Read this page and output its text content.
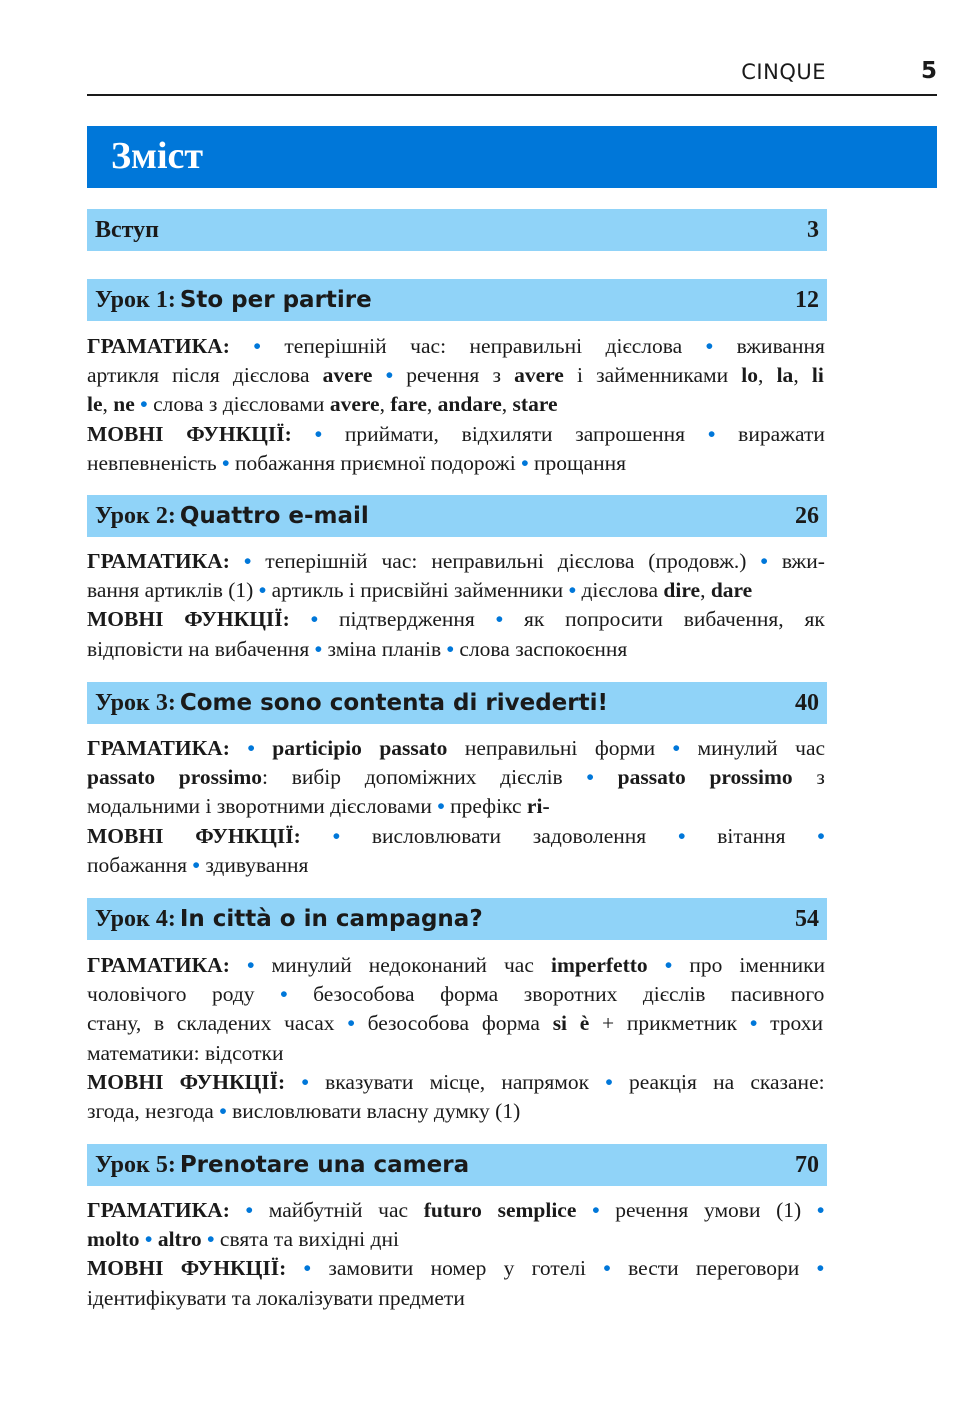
CINQUE	5
Зміст
Вступ	3
Урок 1: Sto per partire	12
ГРАМАТИКА: • теперішній час: неправильні дієслова • вживання
артикля після дієслова avere • речення з avere і займенниками lo, la, li
le, ne • слова з дієсловами avere, fare, andare, stare
МОВНІ ФУНКЦІЇ: • приймати, відхиляти запрошення • виражати
невпевненість • побажання приємної подорожі • прощання
Урок 2: Quattro e-mail	26
ГРАМАТИКА: • теперішній час: неправильні дієслова (продовж.) • вжи-
вання артиклів (1) • артикль і присвійні займенники • дієслова dire, dare
МОВНІ ФУНКЦІЇ: • підтвердження • як попросити вибачення, як
відповісти на вибачення • зміна планів • слова заспокоєння
Урок 3: Come sono contenta di rivederti!	40
ГРАМАТИКА: • participio passato неправильні форми • минулий час
passato prossimo: вибір допоміжних дієслів • passato prossimo з
модальними і зворотними дієсловами • префікс ri-
МОВНІ ФУНКЦІЇ: • висловлювати задоволення • вітання •
побажання • здивування
Урок 4: In città o in campagna?	54
ГРАМАТИКА: • минулий недоконаний час imperfetto • про іменники
чоловічого роду • безособова форма зворотних дієслів пасивного
стану, в складених часах • безособова форма si è + прикметник • трохи
математики: відсотки
МОВНІ ФУНКЦІЇ: • вказувати місце, напрямок • реакція на сказане:
згода, незгода • висловлювати власну думку (1)
Урок 5: Prenotare una camera	70
ГРАМАТИКА: • майбутній час futuro semplice • речення умови (1) •
molto • altro • свята та вихідні дні
МОВНІ ФУНКЦІЇ: • замовити номер у готелі • вести переговори •
ідентифікувати та локалізувати предмети
